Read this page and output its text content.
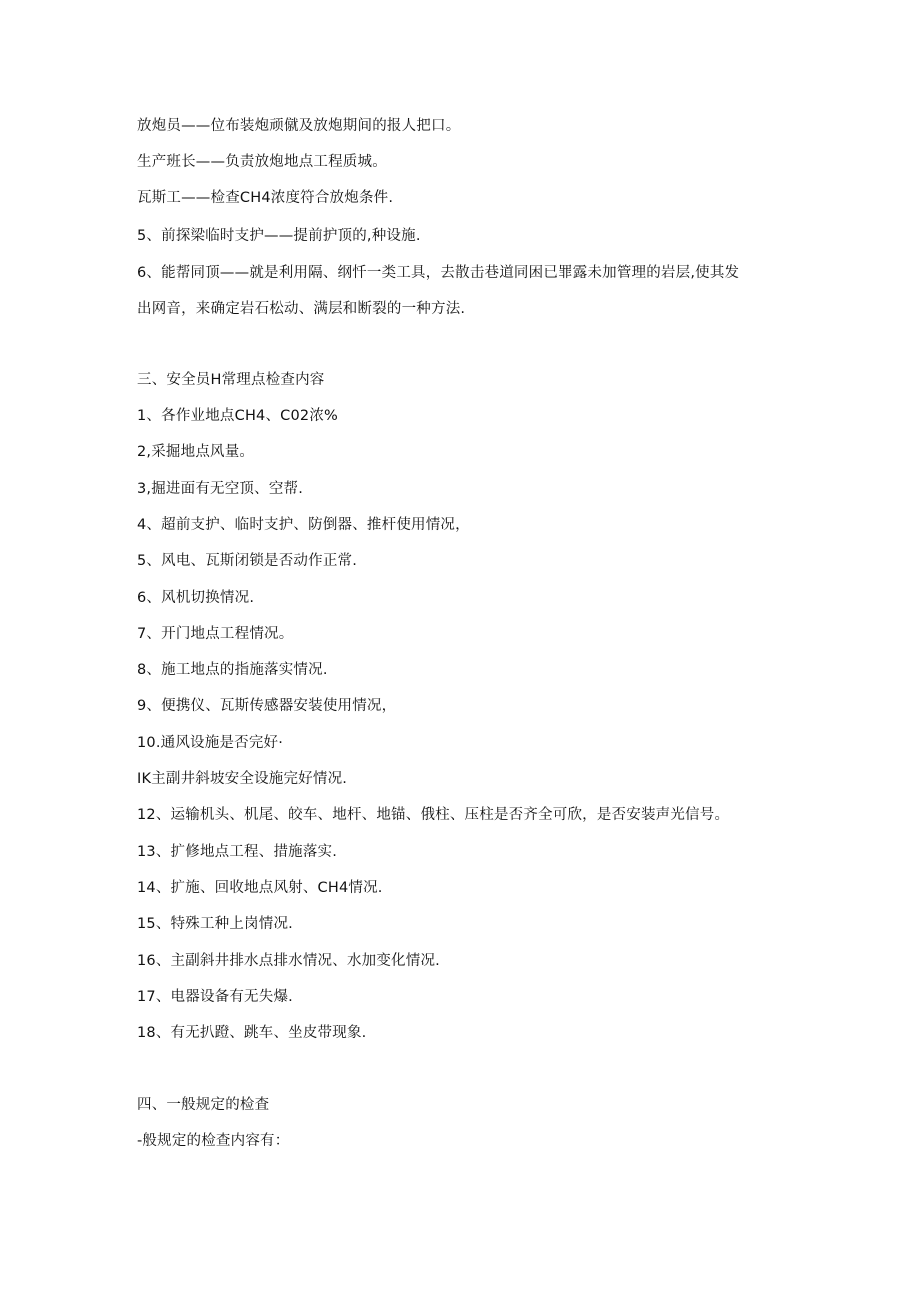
放炮员——位布装炮顽僦及放炮期间的报人把口。
生产班长——负责放炮地点工程质城。
瓦斯工——检查CH4浓度符合放炮条件.
5、前探梁临时支护——提前护顶的,种设施.
6、能帮同顶——就是利用隔、纲忏一类工具，去散击巷道同困已罪露未加管理的岩层,使其发
出网音，来确定岩石松动、满层和断裂的一种方法.
三、安全员H常理点检查内容
1、各作业地点CH4、C02浓%
2,采掘地点风量。
3,掘进面有无空顶、空帮.
4、超前支护、临时支护、防倒器、推杆使用情况，
5、风电、瓦斯闭锁是否动作正常.
6、风机切换情况.
7、开门地点工程情况。
8、施工地点的指施落实情况.
9、便携仪、瓦斯传感器安装使用情况，
10.通风设施是否完好·
IK主副井斜坡安全设施完好情况.
12、运输机头、机尾、皎车、地杆、地锚、俄柱、压柱是否齐全可欣，是否安装声光信号。
13、扩修地点工程、措施落实.
14、扩施、回收地点风射、CH4情况.
15、特殊工种上岗情况.
16、主副斜井排水点排水情况、水加变化情况.
17、电器设备有无失爆.
18、有无扒蹬、跳车、坐皮带现象.
四、一般规定的检査
-般规定的检查内容有：
